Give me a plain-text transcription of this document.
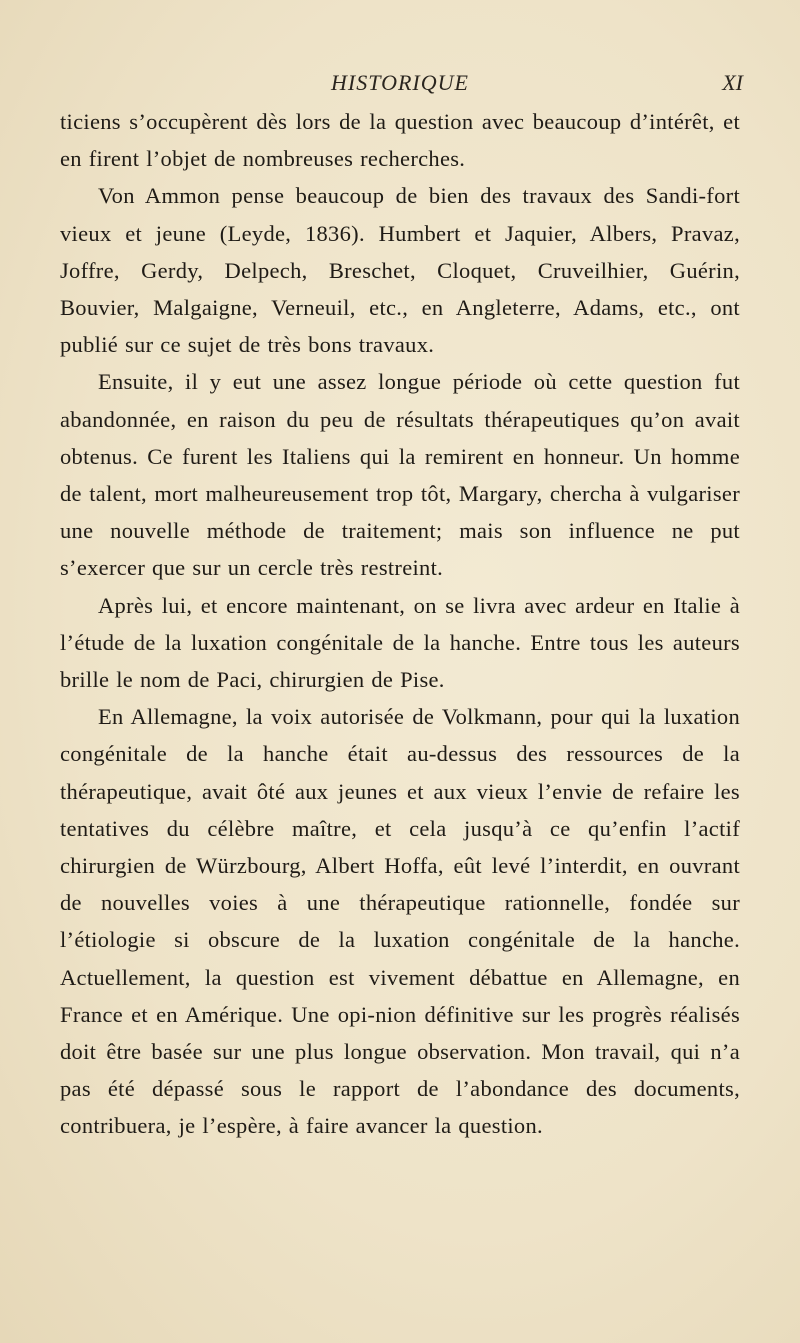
HISTORIQUE	XI

ticiens s’occupèrent dès lors de la question avec beaucoup d’intérêt, et en firent l’objet de nombreuses recherches.

Von Ammon pense beaucoup de bien des travaux des Sandi-fort vieux et jeune (Leyde, 1836). Humbert et Jaquier, Albers, Pravaz, Joffre, Gerdy, Delpech, Breschet, Cloquet, Cruveilhier, Guérin, Bouvier, Malgaigne, Verneuil, etc., en Angleterre, Adams, etc., ont publié sur ce sujet de très bons travaux.

Ensuite, il y eut une assez longue période où cette question fut abandonnée, en raison du peu de résultats thérapeutiques qu’on avait obtenus. Ce furent les Italiens qui la remirent en honneur. Un homme de talent, mort malheureusement trop tôt, Margary, chercha à vulgariser une nouvelle méthode de traitement; mais son influence ne put s’exercer que sur un cercle très restreint.

Après lui, et encore maintenant, on se livra avec ardeur en Italie à l’étude de la luxation congénitale de la hanche. Entre tous les auteurs brille le nom de Paci, chirurgien de Pise.

En Allemagne, la voix autorisée de Volkmann, pour qui la luxation congénitale de la hanche était au-dessus des ressources de la thérapeutique, avait ôté aux jeunes et aux vieux l’envie de refaire les tentatives du célèbre maître, et cela jusqu’à ce qu’enfin l’actif chirurgien de Würzbourg, Albert Hoffa, eût levé l’interdit, en ouvrant de nouvelles voies à une thérapeutique rationnelle, fondée sur l’étiologie si obscure de la luxation congénitale de la hanche. Actuellement, la question est vivement débattue en Allemagne, en France et en Amérique. Une opi-nion définitive sur les progrès réalisés doit être basée sur une plus longue observation. Mon travail, qui n’a pas été dépassé sous le rapport de l’abondance des documents, contribuera, je l’espère, à faire avancer la question.
